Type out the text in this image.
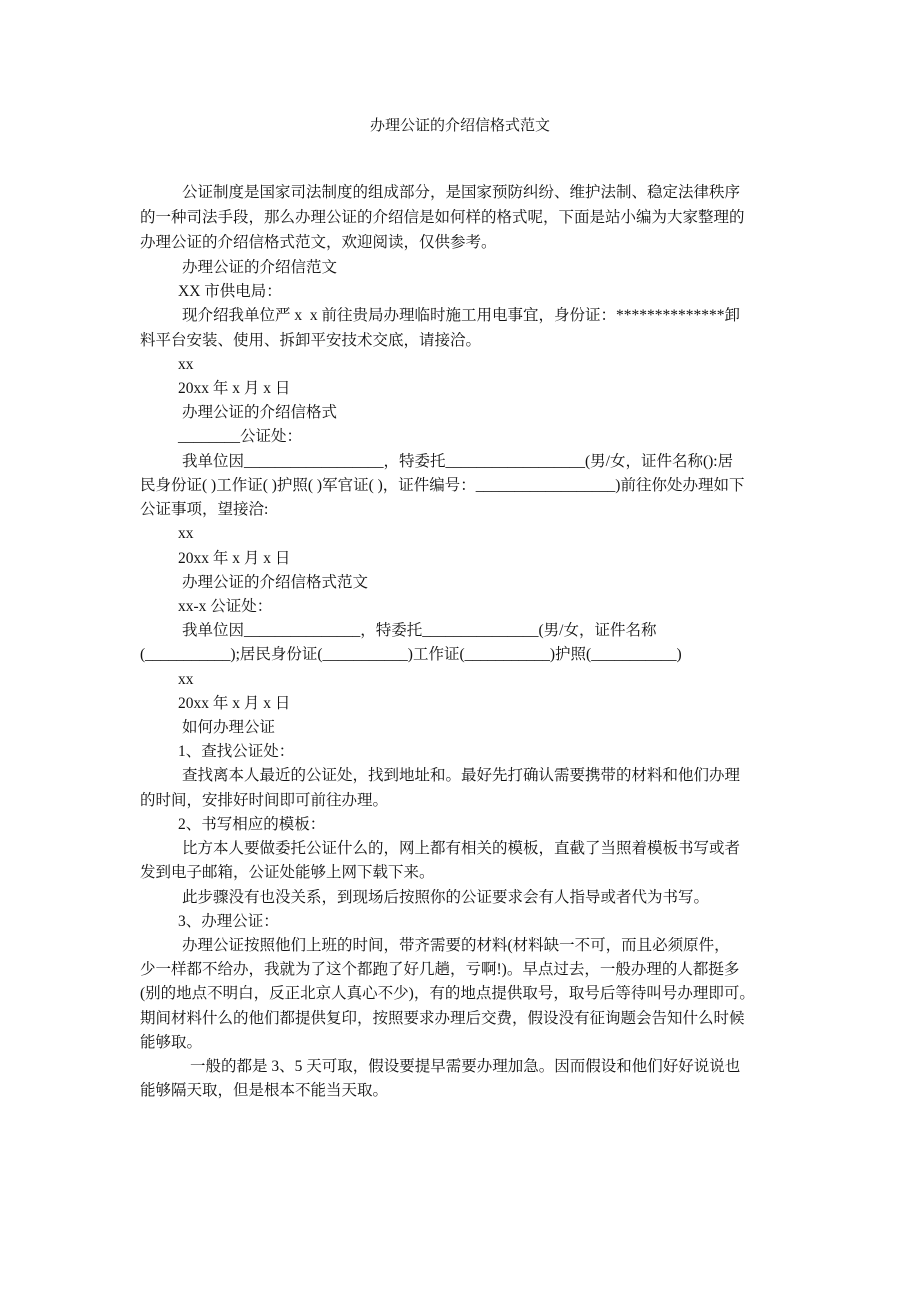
办理公证的介绍信格式范文
公证制度是国家司法制度的组成部分，是国家预防纠纷、维护法制、稳定法律秩序
的一种司法手段，那么办理公证的介绍信是如何样的格式呢，下面是站小编为大家整理的
办理公证的介绍信格式范文，欢迎阅读，仅供参考。
办理公证的介绍信范文
XX 市供电局：
现介绍我单位严 x  x 前往贵局办理临时施工用电事宜，身份证：**************卸
料平台安装、使用、拆卸平安技术交底，请接洽。
xx
20xx 年 x 月 x 日
办理公证的介绍信格式
________公证处：
我单位因__________________，特委托__________________(男/女，证件名称():居
民身份证( )工作证( )护照( )军官证( )，证件编号：__________________)前往你处办理如下
公证事项，望接洽:
xx
20xx 年 x 月 x 日
办理公证的介绍信格式范文
xx-x 公证处：
我单位因_______________，特委托_______________(男/女，证件名称
(___________);居民身份证(___________)工作证(___________)护照(___________)
xx
20xx 年 x 月 x 日
如何办理公证
1、查找公证处：
查找离本人最近的公证处，找到地址和。最好先打确认需要携带的材料和他们办理
的时间，安排好时间即可前往办理。
2、书写相应的模板：
比方本人要做委托公证什么的，网上都有相关的模板，直截了当照着模板书写或者
发到电子邮箱，公证处能够上网下载下来。
此步骤没有也没关系，到现场后按照你的公证要求会有人指导或者代为书写。
3、办理公证：
办理公证按照他们上班的时间，带齐需要的材料(材料缺一不可，而且必须原件，
少一样都不给办，我就为了这个都跑了好几趟，亏啊!)。早点过去，一般办理的人都挺多
(别的地点不明白，反正北京人真心不少)，有的地点提供取号，取号后等待叫号办理即可。
期间材料什么的他们都提供复印，按照要求办理后交费，假设没有征询题会告知什么时候
能够取。
一般的都是 3、5 天可取，假设要提早需要办理加急。因而假设和他们好好说说也
能够隔天取，但是根本不能当天取。
